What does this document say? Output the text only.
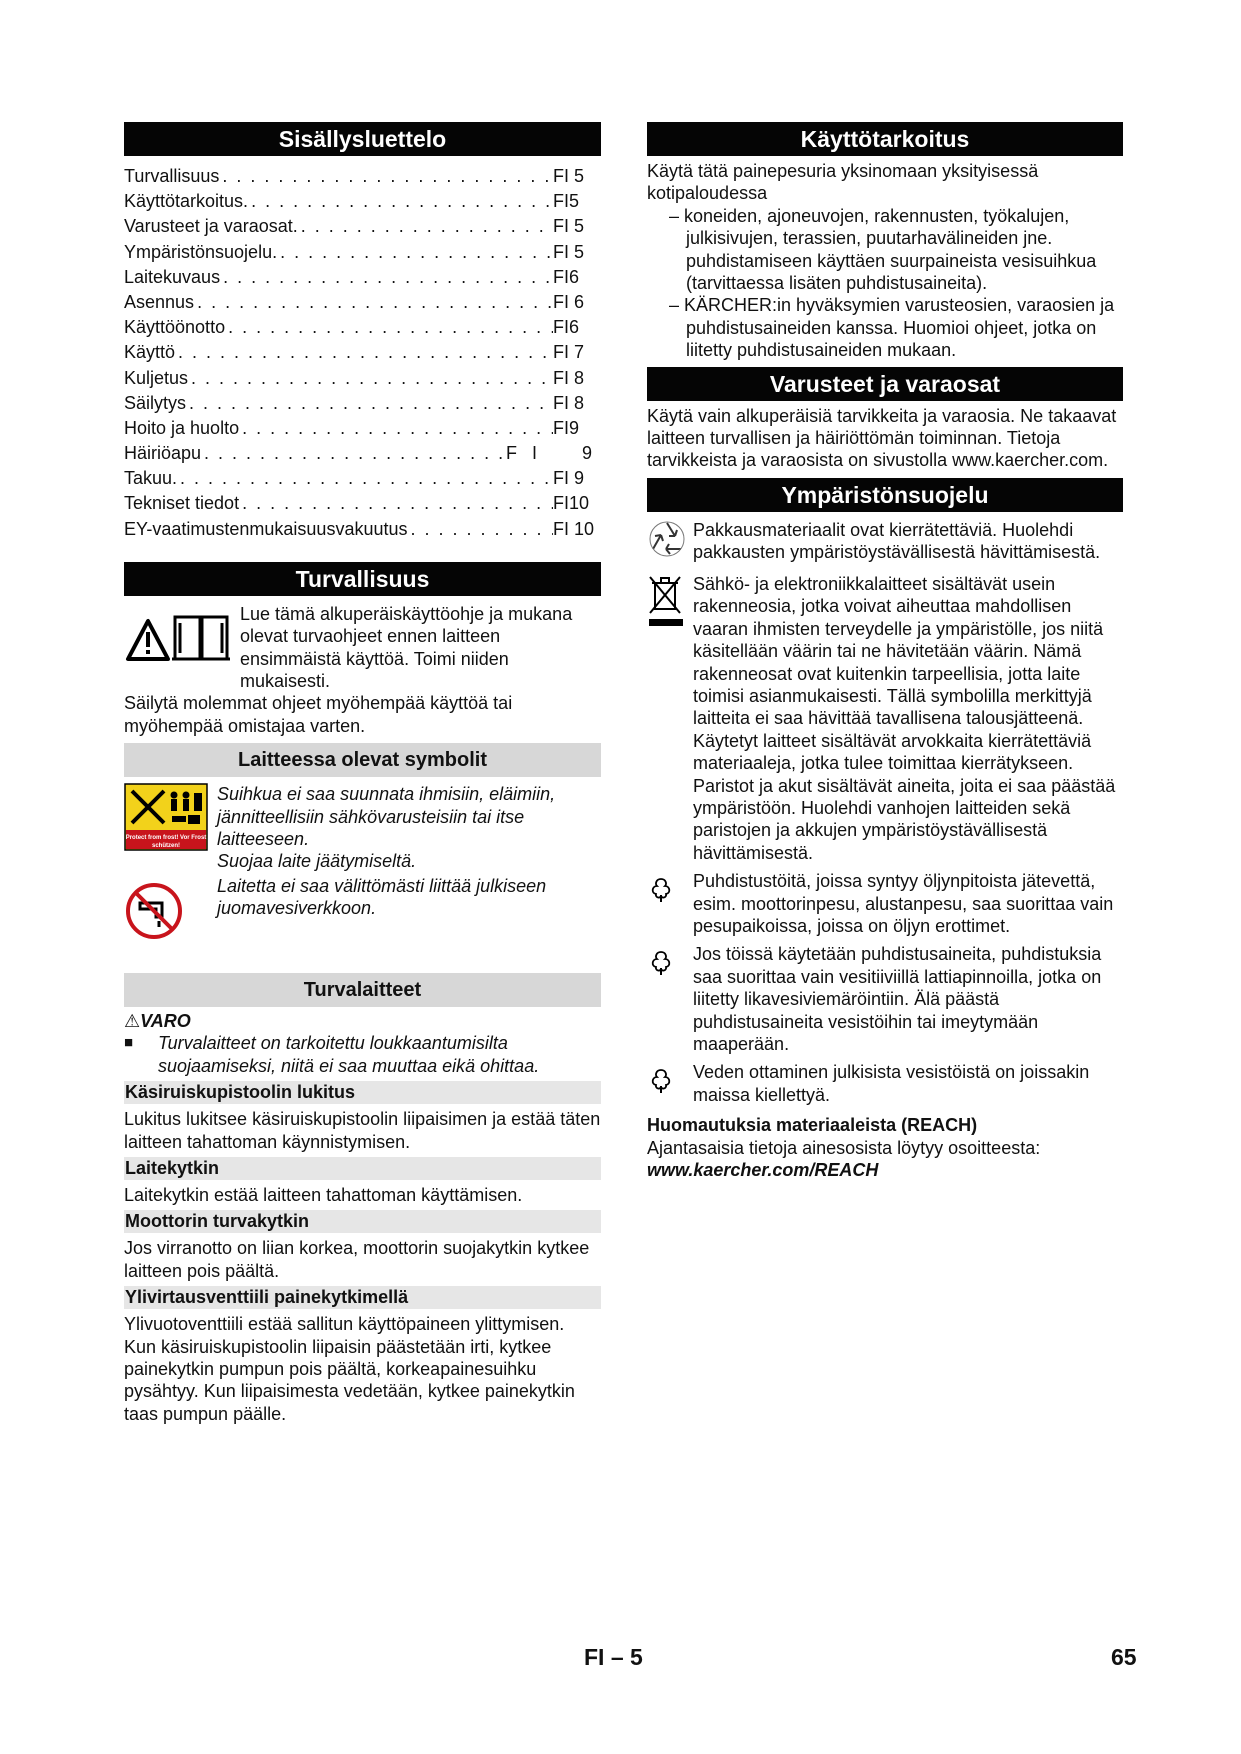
Sisällysluettelo
Turvallisuus . . .	FI 5
Käyttötarkoitus. . . .	FI5
Varusteet ja varaosat. . . .	FI 5
Ympäristönsuojelu. . . .	FI 5
Laitekuvaus . . .	FI6
Asennus . . .	FI 6
Käyttöönotto . . .	FI6
Käyttö . . .	FI 7
Kuljetus . . .	FI 8
Säilytys . . .	FI 8
Hoito ja huolto . . .	FI9
Häiriöapu . . .	F   I         9
Takuu. . . .	FI 9
Tekniset tiedot . . .	FI10
EY-vaatimustenmukaisuusvakuutus . . .	FI 10
Turvallisuus

Lue tämä alkuperäiskäyttöohje ja mukana olevat turvaohjeet ennen laitteen ensimmäistä käyttöä. Toimi niiden mukaisesti.

Säilytä molemmat ohjeet myöhempää käyttöä tai myöhempää omistajaa varten.

Laitteessa olevat symbolit
Protect from frost! Vor Frost schützen!

Suihkua ei saa suunnata ihmisiin, eläimiin, jännitteellisiin sähkövarusteisiin tai itse laitteeseen.

Suojaa laite jäätymiseltä.

Laitetta ei saa välittömästi liittää julkiseen juomavesiverkkoon.

Turvalaitteet

⚠VARO

■	Turvalaitteet on tarkoitettu loukkaantumisilta suojaamiseksi, niitä ei saa muuttaa eikä ohittaa.

Käsiruiskupistoolin lukitus

Lukitus lukitsee käsiruiskupistoolin liipaisimen ja estää täten laitteen tahattoman käynnistymisen.

Laitekytkin

Laitekytkin estää laitteen tahattoman käyttämisen.

Moottorin turvakytkin

Jos virranotto on liian korkea, moottorin suojakytkin kytkee laitteen pois päältä.

Ylivirtausventtiili painekytkimellä

Ylivuotoventtiili estää sallitun käyttöpaineen ylittymisen. Kun käsiruiskupistoolin liipaisin päästetään irti, kytkee painekytkin pumpun pois päältä, korkeapainesuihku pysähtyy. Kun liipaisimesta vedetään, kytkee painekytkin taas pumpun päälle.

Käyttötarkoitus

Käytä tätä painepesuria yksinomaan yksityisessä kotipaloudessa

– koneiden, ajoneuvojen, rakennusten, työkalujen, julkisivujen, terassien, puutarhavälineiden jne. puhdistamiseen käyttäen suurpaineista vesisuihkua (tarvittaessa lisäten puhdistusaineita).

– KÄRCHER:in hyväksymien varusteosien, varaosien ja puhdistusaineiden kanssa. Huomioi ohjeet, jotka on liitetty puhdistusaineiden mukaan.

Varusteet ja varaosat

Käytä vain alkuperäisiä tarvikkeita ja varaosia. Ne takaavat laitteen turvallisen ja häiriöttömän toiminnan. Tietoja tarvikkeista ja varaosista on sivustolla www.kaercher.com.

Ympäristönsuojelu

Pakkausmateriaalit ovat kierrätettäviä. Huolehdi pakkausten ympäristöystävällisestä hävittämisestä.

Sähkö- ja elektroniikkalaitteet sisältävät usein rakenneosia, jotka voivat aiheuttaa mahdollisen vaaran ihmisten terveydelle ja ympäristölle, jos niitä käsitellään väärin tai ne hävitetään väärin. Nämä rakenneosat ovat kuitenkin tarpeellisia, jotta laite toimisi asianmukaisesti. Tällä symbolilla merkittyjä laitteita ei saa hävittää tavallisena talousjätteenä.

Käytetyt laitteet sisältävät arvokkaita kierrätettäviä materiaaleja, jotka tulee toimittaa kierrätykseen. Paristot ja akut sisältävät aineita, joita ei saa päästää ympäristöön. Huolehdi vanhojen laitteiden sekä paristojen ja akkujen ympäristöystävällisestä hävittämisestä.

Puhdistustöitä, joissa syntyy öljynpitoista jätevettä, esim. moottorinpesu, alustanpesu, saa suorittaa vain pesupaikoissa, joissa on öljyn erottimet.

Jos töissä käytetään puhdistusaineita, puhdistuksia saa suorittaa vain vesitiiviillä lattiapinnoilla, jotka on liitetty likavesiviemäröintiin. Älä päästä puhdistusaineita vesistöihin tai imeytymään maaperään.

Veden ottaminen julkisista vesistöistä on joissakin maissa kiellettyä.

Huomautuksia materiaaleista (REACH)

Ajantasaisia tietoja ainesosista löytyy osoitteesta:

www.kaercher.com/REACH

FI – 5	65
